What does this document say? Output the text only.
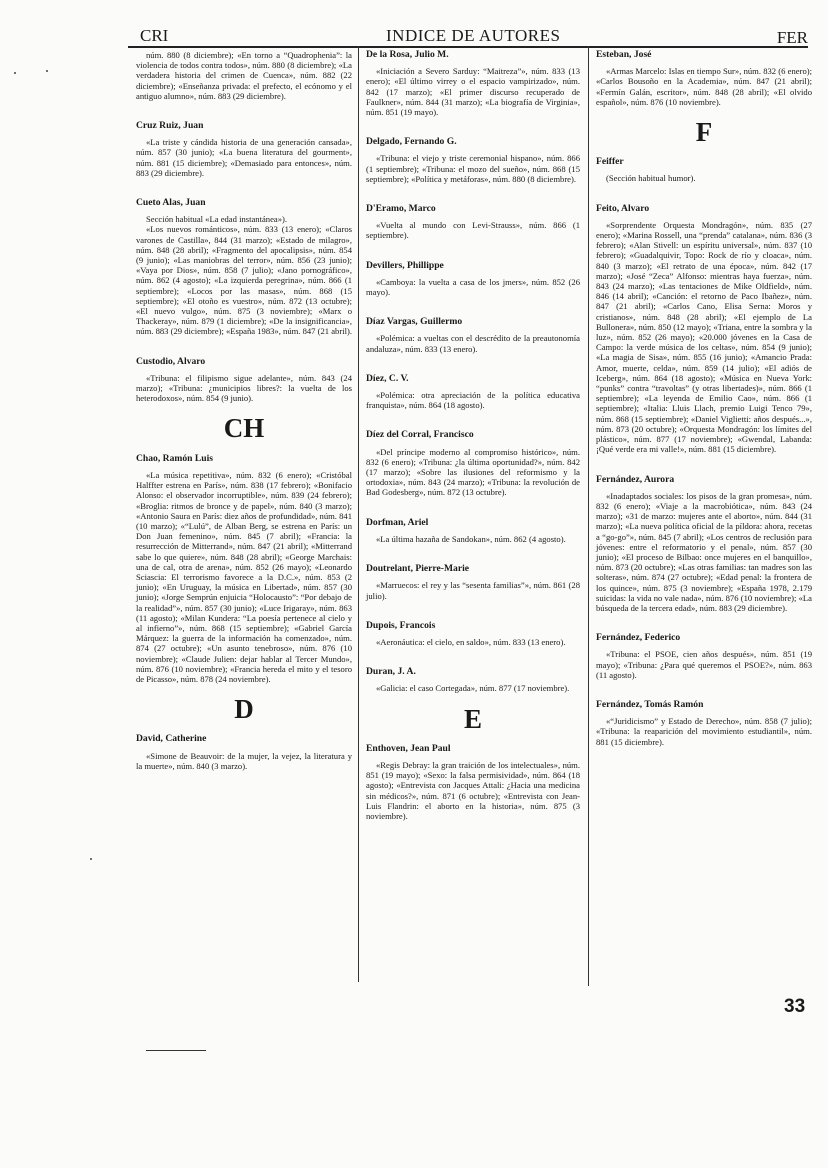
CRI	INDICE DE AUTORES	FER

núm. 880 (8 diciembre); «En torno a “Quadrophenia”: la violencia de todos contra todos», núm. 880 (8 diciembre); «La verdadera historia del crimen de Cuenca», núm. 882 (22 diciembre); «Enseñanza privada: el prefecto, el ecónomo y el antiguo alumno», núm. 883 (29 diciembre).

Cruz Ruiz, Juan

«La triste y cándida historia de una generación cansada», núm. 857 (30 junio); «La buena literatura del gourment», núm. 881 (15 diciembre); «Demasiado para entonces», núm. 883 (29 diciembre).

Cueto Alas, Juan

Sección habitual «La edad instantánea»).

«Los nuevos románticos», núm. 833 (13 enero); «Claros varones de Castilla», 844 (31 marzo); «Estado de milagro», núm. 848 (28 abril); «Fragmento del apocalipsis», núm. 854 (9 junio); «Las maniobras del terror», núm. 856 (23 junio); «Vaya por Dios», núm. 858 (7 julio); «Jano pornográfico», núm. 862 (4 agosto); «La izquierda peregrina», núm. 866 (1 septiembre); «Locos por las masas», núm. 868 (15 septiembre); «El otoño es vuestro», núm. 872 (13 octubre); «El nuevo vulgo», núm. 875 (3 noviembre); «Marx o Thackeray», núm. 879 (1 diciembre); «De la insignificancia», núm. 883 (29 diciembre); «España 1983», núm. 847 (21 abril).

Custodio, Alvaro

«Tribuna: el filipismo sigue adelante», núm. 843 (24 marzo); «Tribuna: ¿municipios libres?: la vuelta de los heterodoxos», núm. 854 (9 junio).

CH
Chao, Ramón Luis

«La música repetitiva», núm. 832 (6 enero); «Cristóbal Halffter estrena en París», núm. 838 (17 febrero); «Bonifacio Alonso: el observador incorruptible», núm. 839 (24 febrero); «Broglia: ritmos de bronce y de papel», núm. 840 (3 marzo); «Antonio Saura en París: diez años de profundidad», núm. 841 (10 marzo); «“Lulú”, de Alban Berg, se estrena en París: un Don Juan femenino», núm. 845 (7 abril); «Francia: la resurrección de Mitterrand», núm. 847 (21 abril); «Mitterrand sabe lo que quiere», núm. 848 (28 abril); «George Marchais: una de cal, otra de arena», núm. 852 (26 mayo); «Leonardo Sciascia: El terrorismo favorece a la D.C.», núm. 853 (2 junio); «En Uruguay, la música en Libertad», núm. 857 (30 junio); «Jorge Semprún enjuicia “Holocausto”: “Por debajo de la realidad”», núm. 857 (30 junio); «Luce Irigaray», núm. 863 (11 agosto); «Milan Kundera: “La poesía pertenece al cielo y al infierno”», núm. 868 (15 septiembre); «Gabriel García Márquez: la guerra de la información ha comenzado», núm. 874 (27 octubre); «Un asunto tenebroso», núm. 876 (10 noviembre); «Claude Julien: dejar hablar al Tercer Mundo», núm. 876 (10 noviembre); «Francia hereda el mito y el tesoro de Picasso», núm. 878 (24 noviembre).

D
David, Catherine

«Simone de Beauvoir: de la mujer, la vejez, la literatura y la muerte», núm. 840 (3 marzo).

De la Rosa, Julio M.

«Iniciación a Severo Sarduy: “Maitreza”», núm. 833 (13 enero); «El último virrey o el espacio vampirizado», núm. 842 (17 marzo); «El primer discurso recuperado de Faulkner», núm. 844 (31 marzo); «La biografía de Virginia», núm. 851 (19 mayo).

Delgado, Fernando G.

«Tribuna: el viejo y triste ceremonial hispano», núm. 866 (1 septiembre); «Tribuna: el mozo del sueño», núm. 868 (15 septiembre); «Política y metáforas», núm. 880 (8 diciembre).

D'Eramo, Marco

«Vuelta al mundo con Levi-Strauss», núm. 866 (1 septiembre).

Devillers, Phillippe

«Camboya: la vuelta a casa de los jmers», núm. 852 (26 mayo).

Díaz Vargas, Guillermo

«Polémica: a vueltas con el descrédito de la preautonomía andaluza», núm. 833 (13 enero).

Díez, C. V.

«Polémica: otra apreciación de la política educativa franquista», núm. 864 (18 agosto).

Díez del Corral, Francisco

«Del príncipe moderno al compromiso histórico», núm. 832 (6 enero); «Tribuna: ¿la última oportunidad?», núm. 842 (17 marzo); «Sobre las ilusiones del reformismo y la ortodoxia», núm. 843 (24 marzo); «Tribuna: la revolución de Bad Godesberg», núm. 872 (13 octubre).

Dorfman, Ariel

«La última hazaña de Sandokan», núm. 862 (4 agosto).

Doutrelant, Pierre-Marie

«Marruecos: el rey y las “sesenta familias”», núm. 861 (28 julio).

Dupois, Francois

«Aeronáutica: el cielo, en saldo», núm. 833 (13 enero).

Duran, J. A.

«Galicia: el caso Cortegada», núm. 877 (17 noviembre).

E
Enthoven, Jean Paul

«Regis Debray: la gran traición de los intelectuales», núm. 851 (19 mayo); «Sexo: la falsa permisividad», núm. 864 (18 agosto); «Entrevista con Jacques Attali: ¿Hacia una medicina sin médicos?», núm. 871 (6 octubre); «Entrevista con Jean-Luis Flandrin: el aborto en la historia», núm. 875 (3 noviembre).

Esteban, José

«Armas Marcelo: Islas en tiempo Sur», núm. 832 (6 enero); «Carlos Bousoño en la Academia», núm. 847 (21 abril); «Fermín Galán, escritor», núm. 848 (28 abril); «El olvido español», núm. 876 (10 noviembre).

F
Feiffer

(Sección habitual humor).

Feito, Alvaro

«Sorprendente Orquesta Mondragón», núm. 835 (27 enero); «Marina Rossell, una “prenda” catalana», núm. 836 (3 febrero); «Alan Stivell: un espíritu universal», núm. 837 (10 febrero); «Guadalquivir, Topo: Rock de río y cloaca», núm. 840 (3 marzo); «El retrato de una época», núm. 842 (17 marzo); «José “Zeca” Alfonso: mientras haya fuerza», núm. 843 (24 marzo); «Las tentaciones de Mike Oldfield», núm. 846 (14 abril); «Canción: el retorno de Paco Ibañez», núm. 847 (21 abril); «Carlos Cano, Elisa Serna: Moros y cristianos», núm. 848 (28 abril); «El ejemplo de La Bullonera», núm. 850 (12 mayo); «Triana, entre la sombra y la luz», núm. 852 (26 mayo); «20.000 jóvenes en la Casa de Campo: la verde música de los celtas», núm. 854 (9 junio); «La magia de Sisa», núm. 855 (16 junio); «Amancio Prada: Amor, muerte, celda», núm. 859 (14 julio); «El adiós de Iceberg», núm. 864 (18 agosto); «Música en Nueva York: “punks” contra “travoltas” (y otras libertades)», núm. 866 (1 septiembre); «La leyenda de Emilio Cao», núm. 866 (1 septiembre); «Italia: Lluis Llach, premio Luigi Tenco 79», núm. 868 (15 septiembre); «Daniel Viglietti: años después...», núm. 873 (20 octubre); «Orquesta Mondragón: los límites del plástico», núm. 877 (17 noviembre); «Gwendal, Labanda: ¡Qué verde era mi valle!», núm. 881 (15 diciembre).

Fernández, Aurora

«Inadaptados sociales: los pisos de la gran promesa», núm. 832 (6 enero); «Viaje a la macrobiótica», núm. 843 (24 marzo); «31 de marzo: mujeres ante el aborto», núm. 844 (31 marzo); «La nueva política oficial de la píldora: ahora, recetas a “go-go”», núm. 845 (7 abril); «Los centros de reclusión para jóvenes: entre el reformatorio y el penal», núm. 857 (30 junio); «El proceso de Bilbao: once mujeres en el banquillo», núm. 873 (20 octubre); «Las otras familias: tan madres son las solteras», núm. 874 (27 octubre); «Edad penal: la frontera de los quince», núm. 875 (3 noviembre); «España 1978, 2.179 suicidas: la vida no vale nada», núm. 876 (10 noviembre); «La búsqueda de la tercera edad», núm. 883 (29 diciembre).

Fernández, Federico

«Tribuna: el PSOE, cien años después», núm. 851 (19 mayo); «Tribuna: ¿Para qué queremos el PSOE?», núm. 863 (11 agosto).

Fernández, Tomás Ramón

«“Juridicismo” y Estado de Derecho», núm. 858 (7 julio); «Tribuna: la reaparición del movimiento estudiantil», núm. 881 (15 diciembre).

33
